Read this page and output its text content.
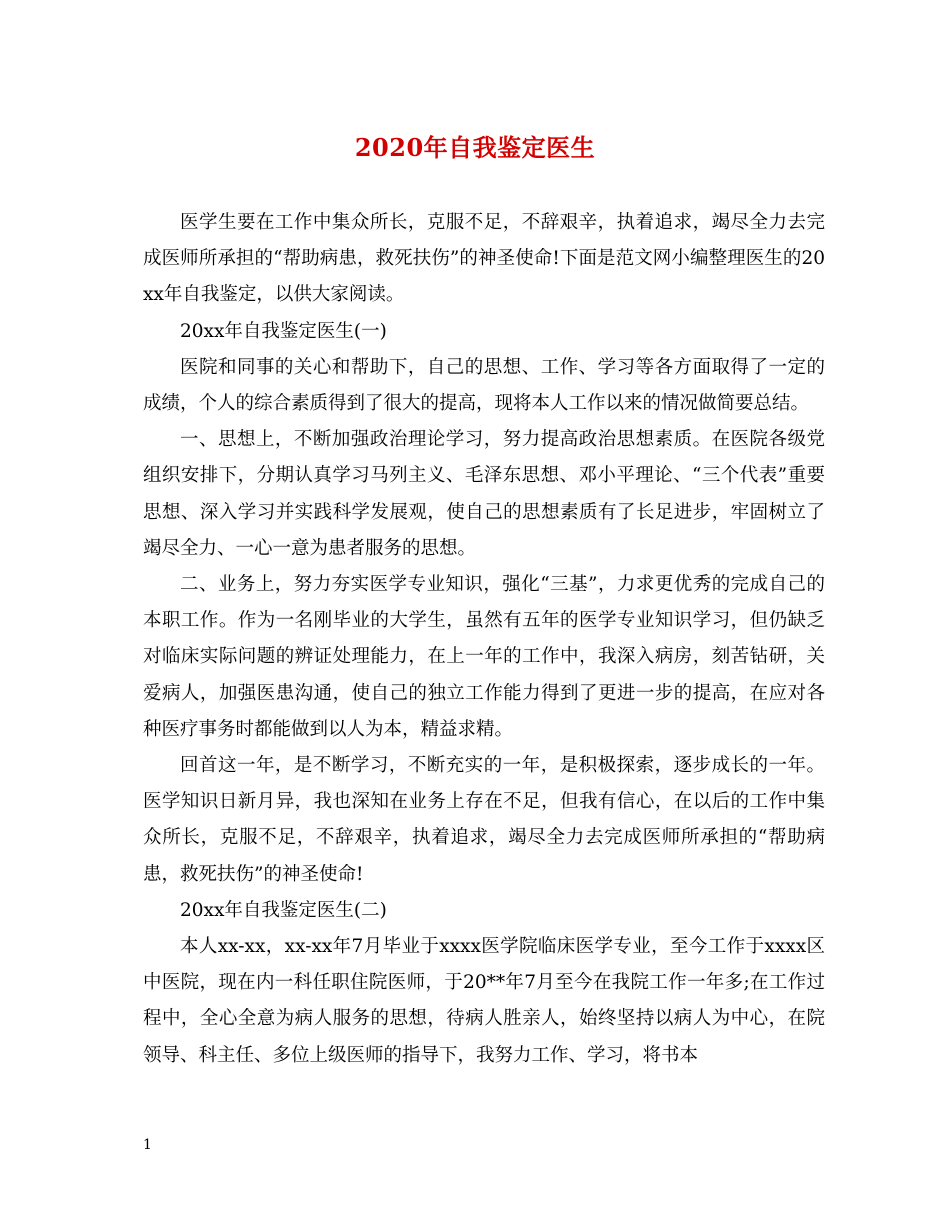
2020年自我鉴定医生

医学生要在工作中集众所长，克服不足，不辞艰辛，执着追求，竭尽全力去完成医师所承担的“帮助病患，救死扶伤”的神圣使命!下面是范文网小编整理医生的20xx年自我鉴定，以供大家阅读。

20xx年自我鉴定医生(一)

医院和同事的关心和帮助下，自己的思想、工作、学习等各方面取得了一定的成绩，个人的综合素质得到了很大的提高，现将本人工作以来的情况做简要总结。

一、思想上，不断加强政治理论学习，努力提高政治思想素质。在医院各级党组织安排下，分期认真学习马列主义、毛泽东思想、邓小平理论、“三个代表”重要思想、深入学习并实践科学发展观，使自己的思想素质有了长足进步，牢固树立了竭尽全力、一心一意为患者服务的思想。

二、业务上，努力夯实医学专业知识，强化“三基”，力求更优秀的完成自己的本职工作。作为一名刚毕业的大学生，虽然有五年的医学专业知识学习，但仍缺乏对临床实际问题的辨证处理能力，在上一年的工作中，我深入病房，刻苦钻研，关爱病人，加强医患沟通，使自己的独立工作能力得到了更进一步的提高，在应对各种医疗事务时都能做到以人为本，精益求精。

回首这一年，是不断学习，不断充实的一年，是积极探索，逐步成长的一年。医学知识日新月异，我也深知在业务上存在不足，但我有信心，在以后的工作中集众所长，克服不足，不辞艰辛，执着追求，竭尽全力去完成医师所承担的“帮助病患，救死扶伤”的神圣使命!

20xx年自我鉴定医生(二)

本人xx-xx，xx-xx年7月毕业于xxxx医学院临床医学专业，至今工作于xxxx区中医院，现在内一科任职住院医师，于20**年7月至今在我院工作一年多;在工作过程中，全心全意为病人服务的思想，待病人胜亲人，始终坚持以病人为中心，在院领导、科主任、多位上级医师的指导下，我努力工作、学习，将书本

1
